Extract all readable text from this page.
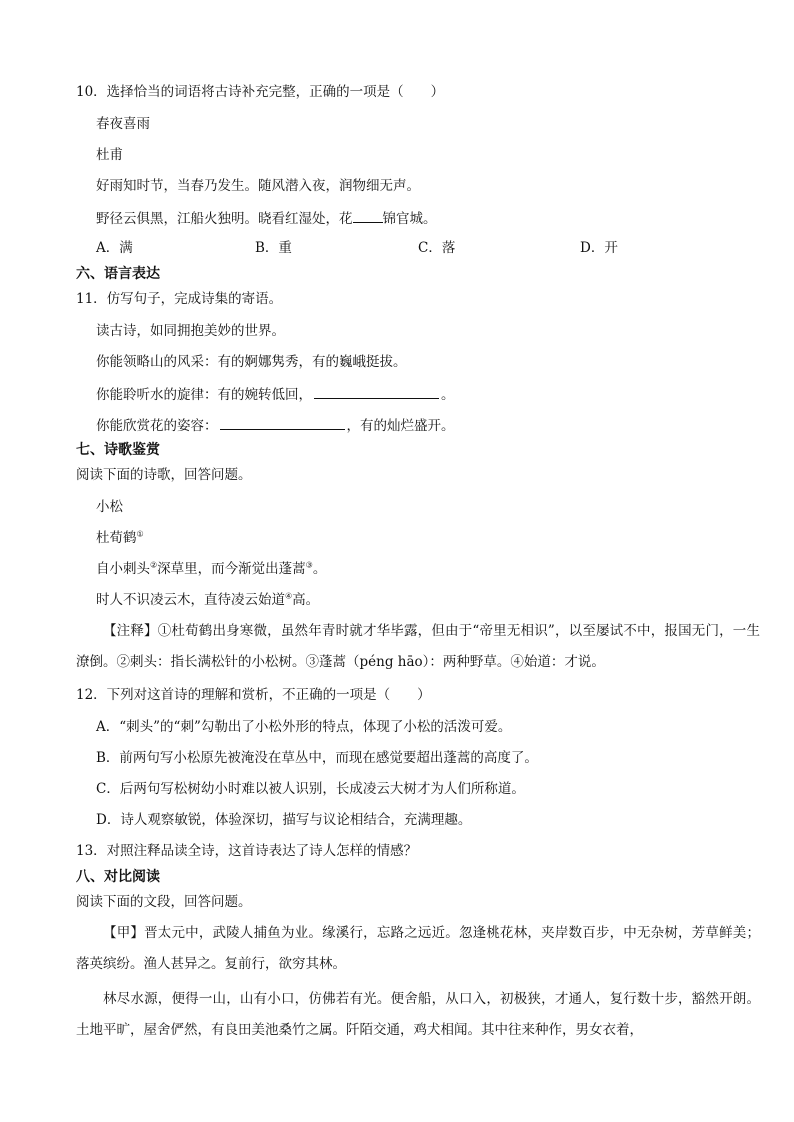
10．选择恰当的词语将古诗补充完整，正确的一项是（　　）
春夜喜雨
杜甫
好雨知时节，当春乃发生。随风潜入夜，润物细无声。
野径云俱黑，江船火独明。晓看红湿处，花 锦官城。
A．满	B．重	C．落	D．开
六、语言表达
11．仿写句子，完成诗集的寄语。
读古诗，如同拥抱美妙的世界。
你能领略山的风采：有的婀娜隽秀，有的巍峨挺拔。
你能聆听水的旋律：有的婉转低回，	。
你能欣赏花的姿容：	，有的灿烂盛开。
七、诗歌鉴赏
阅读下面的诗歌，回答问题。
小松
杜荀鹤①
自小刺头②深草里，而今渐觉出蓬蒿③。
时人不识凌云木，直待凌云始道④高。
【注释】①杜荀鹤出身寒微，虽然年青时就才华毕露，但由于“帝里无相识”，以至屡试不中，报国无门，一生潦倒。②刺头：指长满松针的小松树。③蓬蒿（péng hāo）：两种野草。④始道：才说。
12．下列对这首诗的理解和赏析，不正确的一项是（　　）
A．“刺头”的“刺”勾勒出了小松外形的特点，体现了小松的活泼可爱。
B．前两句写小松原先被淹没在草丛中，而现在感觉要超出蓬蒿的高度了。
C．后两句写松树幼小时难以被人识别，长成凌云大树才为人们所称道。
D．诗人观察敏锐，体验深切，描写与议论相结合，充满理趣。
13．对照注释品读全诗，这首诗表达了诗人怎样的情感？
八、对比阅读
阅读下面的文段，回答问题。
【甲】晋太元中，武陵人捕鱼为业。缘溪行，忘路之远近。忽逢桃花林，夹岸数百步，中无杂树，芳草鲜美；落英缤纷。渔人甚异之。复前行，欲穷其林。
林尽水源，便得一山，山有小口，仿佛若有光。便舍船，从口入，初极狭，才通人，复行数十步，豁然开朗。土地平旷，屋舍俨然，有良田美池桑竹之属。阡陌交通，鸡犬相闻。其中往来种作，男女衣着，
